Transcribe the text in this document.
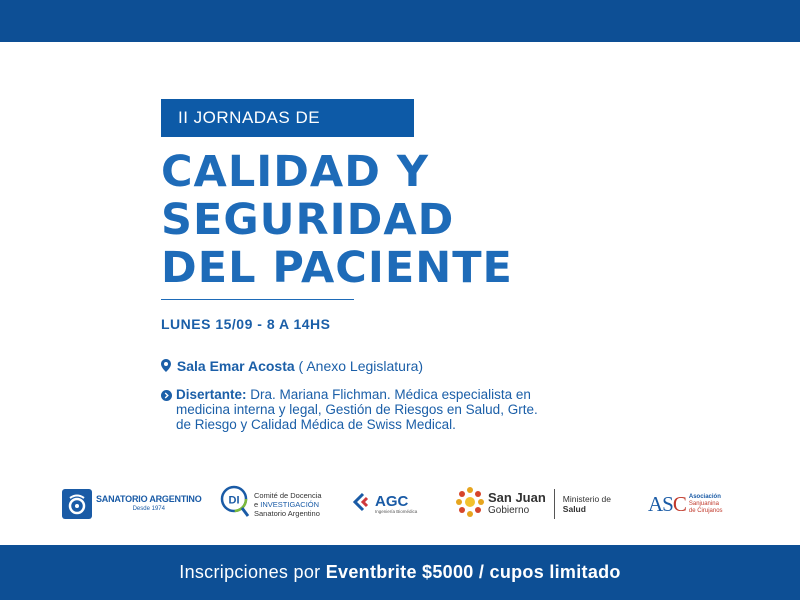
II JORNADAS DE
CALIDAD Y
SEGURIDAD
DEL PACIENTE
LUNES 15/09 - 8 A 14HS
Sala Emar Acosta ( Anexo Legislatura)
Disertante: Dra. Mariana Flichman. Médica especialista en medicina interna y legal, Gestión de Riesgos en Salud, Grte. de Riesgo y Calidad Médica de Swiss Medical.
SANATORIO ARGENTINO
Desde 1974
DI Comité de Docencia
e INVESTIGACIÓN
Sanatorio Argentino
AGC
Ingeniería Biomédica
San Juan
Gobierno
Ministerio de
Salud	ASC Asociación
Sanjuanina
de Cirujanos
Inscripciones por Eventbrite $5000 / cupos limitado
